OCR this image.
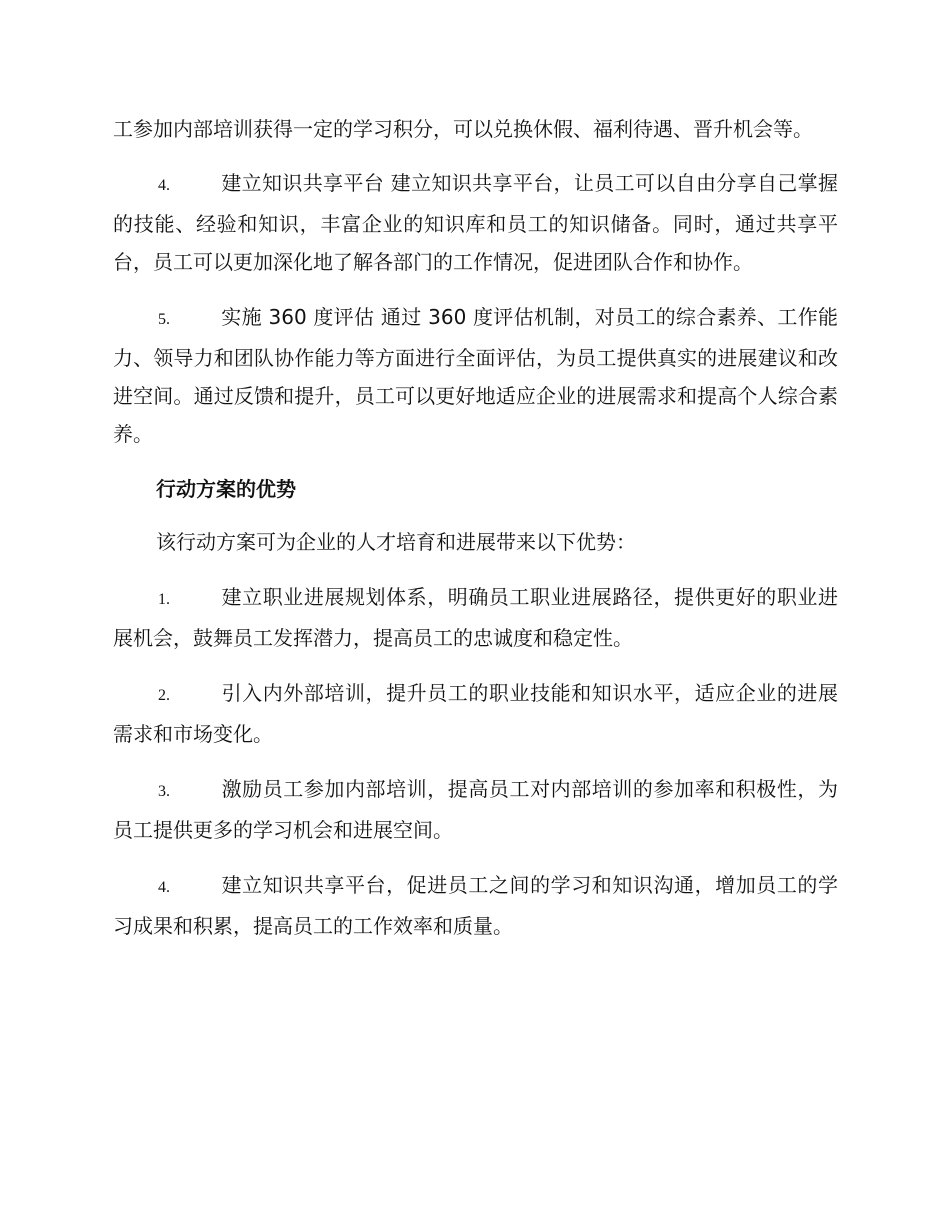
工参加内部培训获得一定的学习积分，可以兑换休假、福利待遇、晋升机会等。

4.	建立知识共享平台 建立知识共享平台，让员工可以自由分享自己掌握的技能、经验和知识，丰富企业的知识库和员工的知识储备。同时，通过共享平台，员工可以更加深化地了解各部门的工作情况，促进团队合作和协作。

5.	实施 360 度评估 通过 360 度评估机制，对员工的综合素养、工作能力、领导力和团队协作能力等方面进行全面评估，为员工提供真实的进展建议和改进空间。通过反馈和提升，员工可以更好地适应企业的进展需求和提高个人综合素养。

行动方案的优势

该行动方案可为企业的人才培育和进展带来以下优势：

1.	建立职业进展规划体系，明确员工职业进展路径，提供更好的职业进展机会，鼓舞员工发挥潜力，提高员工的忠诚度和稳定性。

2.	引入内外部培训，提升员工的职业技能和知识水平，适应企业的进展需求和市场变化。

3.	激励员工参加内部培训，提高员工对内部培训的参加率和积极性，为员工提供更多的学习机会和进展空间。

4.	建立知识共享平台，促进员工之间的学习和知识沟通，增加员工的学习成果和积累，提高员工的工作效率和质量。
